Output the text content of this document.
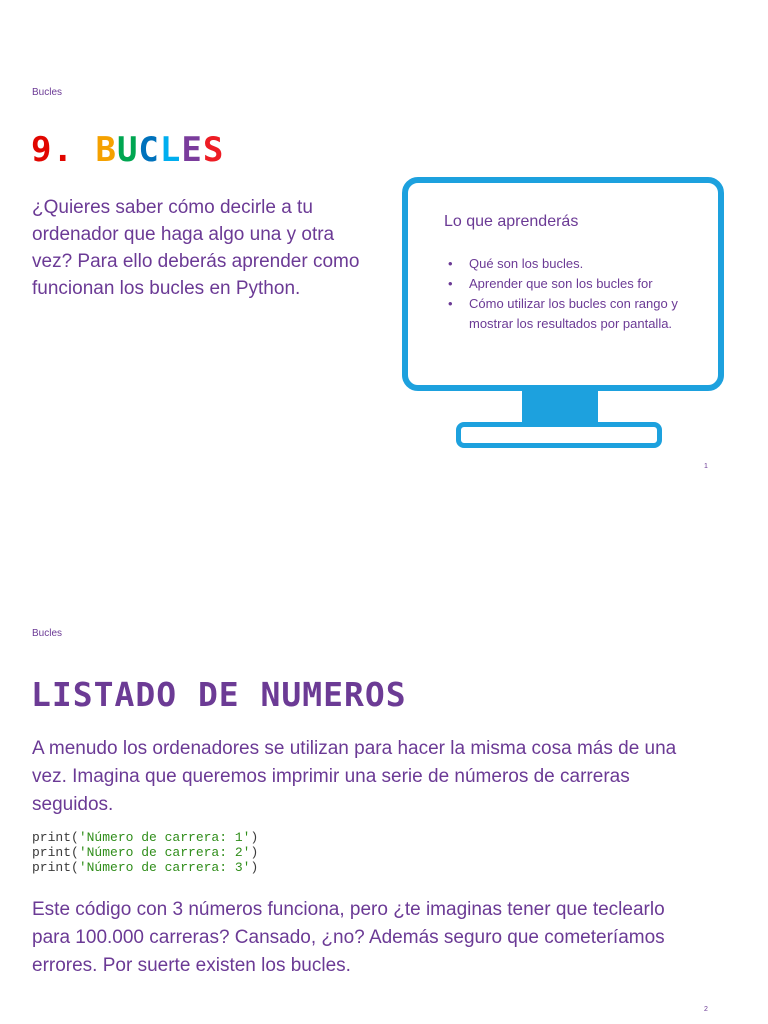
Bucles
9. BUCLES
¿Quieres saber cómo decirle a tu ordenador que haga algo una y otra vez? Para ello deberás aprender como funcionan los bucles en Python.
Lo que aprenderás
• Qué son los bucles.
• Aprender que son los bucles for
• Cómo utilizar los bucles con rango y mostrar los resultados por pantalla.
1
Bucles
LISTADO DE NUMEROS
A menudo los ordenadores se utilizan para hacer la misma cosa más de una vez. Imagina que queremos imprimir una serie de números de carreras seguidos.
print('Número de carrera: 1')
print('Número de carrera: 2')
print('Número de carrera: 3')
Este código con 3 números funciona, pero ¿te imaginas tener que teclearlo para 100.000 carreras? Cansado, ¿no? Además seguro que cometeríamos errores. Por suerte existen los bucles.
2
